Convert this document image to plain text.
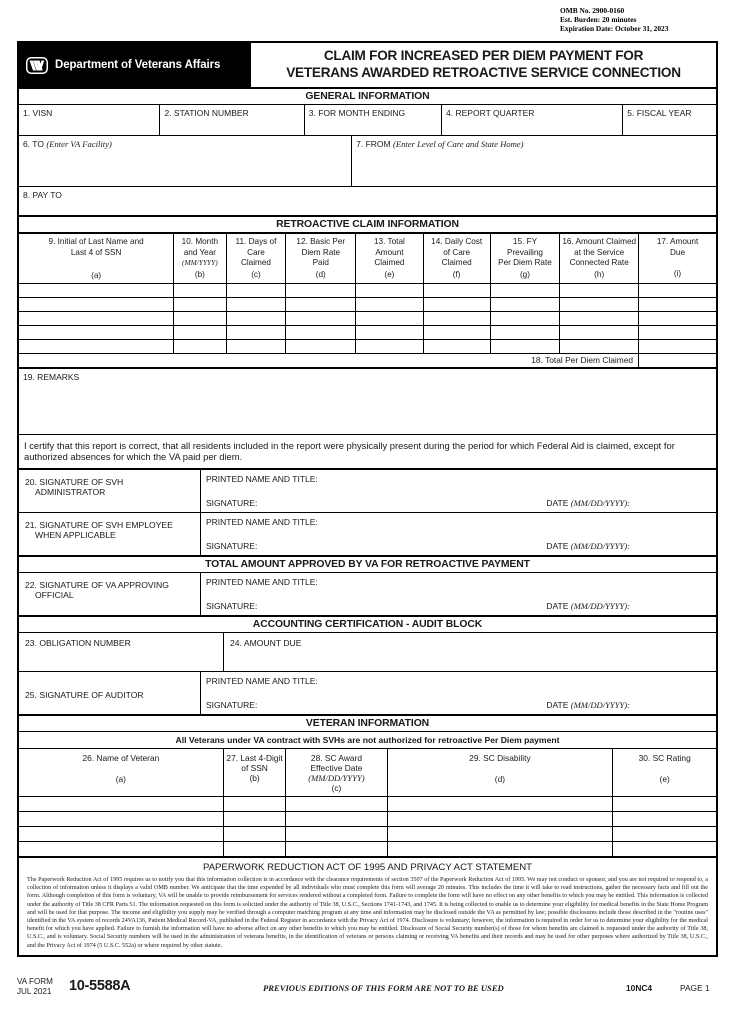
OMB No. 2900-0160
Est. Burden: 20 minutes
Expiration Date: October 31, 2023
Department of Veterans Affairs
CLAIM FOR INCREASED PER DIEM PAYMENT FOR
VETERANS AWARDED RETROACTIVE SERVICE CONNECTION
GENERAL INFORMATION
1. VISN	2. STATION NUMBER	3. FOR MONTH ENDING	4. REPORT QUARTER	5. FISCAL YEAR
6. TO (Enter VA Facility)	7. FROM (Enter Level of Care and State Home)
8. PAY TO
RETROACTIVE CLAIM INFORMATION
9. Initial of Last Name and
Last 4 of SSN
(a)	10. Month
and Year
(MM/YYYY)
(b)	11. Days of
Care
Claimed
(c)	12. Basic Per
Diem Rate
Paid
(d)	13. Total
Amount
Claimed
(e)	14. Daily Cost
of Care
Claimed
(f)	15. FY
Prevailing
Per Diem Rate
(g)	16. Amount Claimed
at the Service
Connected Rate
(h)	17. Amount
Due
(i)

18. Total Per Diem Claimed								
19. REMARKS
I certify that this report is correct, that all residents included in the report were physically present during the period for which Federal Aid is claimed, except for authorized absences for which the VA paid per diem.
20. SIGNATURE OF SVH
ADMINISTRATOR
PRINTED NAME AND TITLE:
SIGNATURE:	DATE (MM/DD/YYYY):
21. SIGNATURE OF SVH EMPLOYEE
WHEN APPLICABLE
PRINTED NAME AND TITLE:
SIGNATURE:	DATE (MM/DD/YYYY):
TOTAL AMOUNT APPROVED BY VA FOR RETROACTIVE PAYMENT
22. SIGNATURE OF VA APPROVING
OFFICIAL
PRINTED NAME AND TITLE:
SIGNATURE:	DATE (MM/DD/YYYY):
ACCOUNTING CERTIFICATION - AUDIT BLOCK
23. OBLIGATION NUMBER	24. AMOUNT DUE
25. SIGNATURE OF AUDITOR
PRINTED NAME AND TITLE:
SIGNATURE:	DATE (MM/DD/YYYY):
VETERAN INFORMATION
All Veterans under VA contract with SVHs are not authorized for retroactive Per Diem payment
26. Name of Veteran
(a)	27. Last 4-Digit
of SSN
(b)	28. SC Award
Effective Date
(MM/DD/YYYY)
(c)	29. SC Disability
(d)	30. SC Rating
(e)

PAPERWORK REDUCTION ACT OF 1995 AND PRIVACY ACT STATEMENT
The Paperwork Reduction Act of 1995 requires us to notify you that this information collection is in accordance with the clearance requirements of section 3507 of the Paperwork Reduction Act of 1995. We may not conduct or sponsor, and you are not required to respond to, a collection of information unless it displays a valid OMB number. We anticipate that the time expended by all individuals who must complete this form will average 20 minutes. This includes the time it will take to read instructions, gather the necessary facts and fill out the form. Although completion of this form is voluntary, VA will be unable to provide reimbursement for services rendered without a completed form. Failure to complete the form will have no effect on any other benefits to which you may be entitled. This information is collected under the authority of Title 38 CFR Parts 51. The information requested on this form is solicited under the authority of Title 38, U.S.C., Sections 1741-1743, and 1745. It is being collected to enable us to determine your eligibility for medical benefits in the State Home Program and will be used for that purpose. The income and eligibility you supply may be verified through a computer matching program at any time and information may be disclosed outside the VA as permitted by law; possible disclosures include those described in the "routine uses" identified in the VA system of records 24VA136, Patient Medical Record-VA, published in the Federal Register in accordance with the Privacy Act of 1974. Disclosure is voluntary; however, the information is required in order for us to determine your eligibility for the medical benefit for which you have applied. Failure to furnish the information will have no adverse affect on any other benefits to which you may be entitled. Disclosure of Social Security number(s) of those for whom benefits are claimed is requested under the authority of Title 38, U.S.C., and is voluntary. Social Security numbers will be used in the administration of veterans benefits, in the identification of veterans or persons claiming or receiving VA benefits and their records and may be used for other purposes where authorized by Title 38, U.S.C., and the Privacy Act of 1974 (5 U.S.C. 552a) or where required by other statute.
VA FORM
JUL 2021 10-5588A	PREVIOUS EDITIONS OF THIS FORM ARE NOT TO BE USED	10NC4	PAGE 1
